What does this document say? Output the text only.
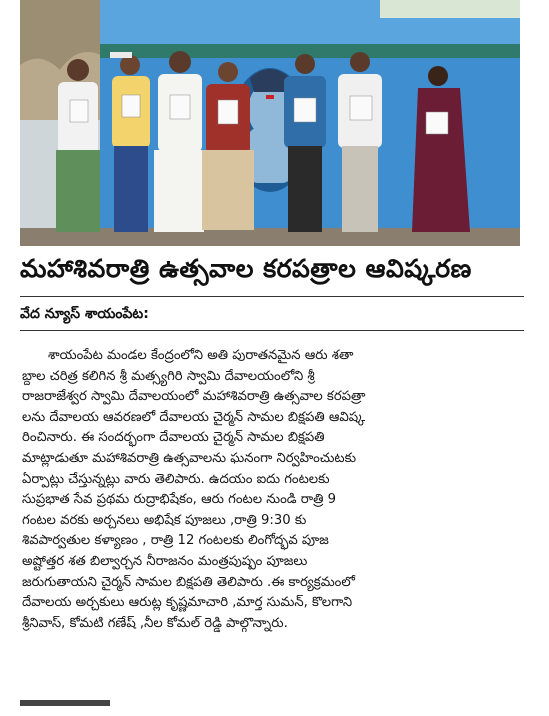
మహాశివరాత్రి ఉత్సవాల కరపత్రాల ఆవిష్కరణ
వేద న్యూస్ శాయంపేట:
శాయంపేట మండల కేంద్రంలోని అతి పురాతనమైన ఆరు శతా
బ్దాల చరిత్ర కలిగిన శ్రీ మత్స్యగిరి స్వామి దేవాలయంలోని శ్రీ
రాజరాజేశ్వర స్వామి దేవాలయంలో మహాశివరాత్రి ఉత్సవాల కరపత్రా
లను దేవాలయ ఆవరణలో దేవాలయ చైర్మన్ సామల బిక్షపతి ఆవిష్క
రించినారు. ఈ సందర్భంగా దేవాలయ చైర్మన్ సామల బిక్షపతి
మాట్లాడుతూ మహాశివరాత్రి ఉత్సవాలను ఘనంగా నిర్వహించుటకు
ఏర్పాట్లు చేస్తున్నట్లు వారు తెలిపారు. ఉదయం ఐదు గంటలకు
సుప్రభాత సేవ ప్రథమ రుద్రాభిషేకం, ఆరు గంటల నుండి రాత్రి 9
గంటల వరకు అర్చనలు అభిషేక పూజలు ,రాత్రి 9:30 కు
శివపార్వతుల కళ్యాణం , రాత్రి 12 గంటలకు లింగోద్భవ పూజ
అష్టోత్తర శత బిల్వార్చన నీరాజనం మంత్రపుష్పం పూజలు
జరుగుతాయని చైర్మన్ సామల బిక్షపతి తెలిపారు .ఈ కార్యక్రమంలో
దేవాలయ అర్చకులు ఆరుట్ల కృష్ణమాచారి ,మార్త సుమన్, కొలగాని
శ్రీనివాస్, కోమటి గణేష్ ,నీల కోమల్ రెడ్డి పాల్గొన్నారు.
